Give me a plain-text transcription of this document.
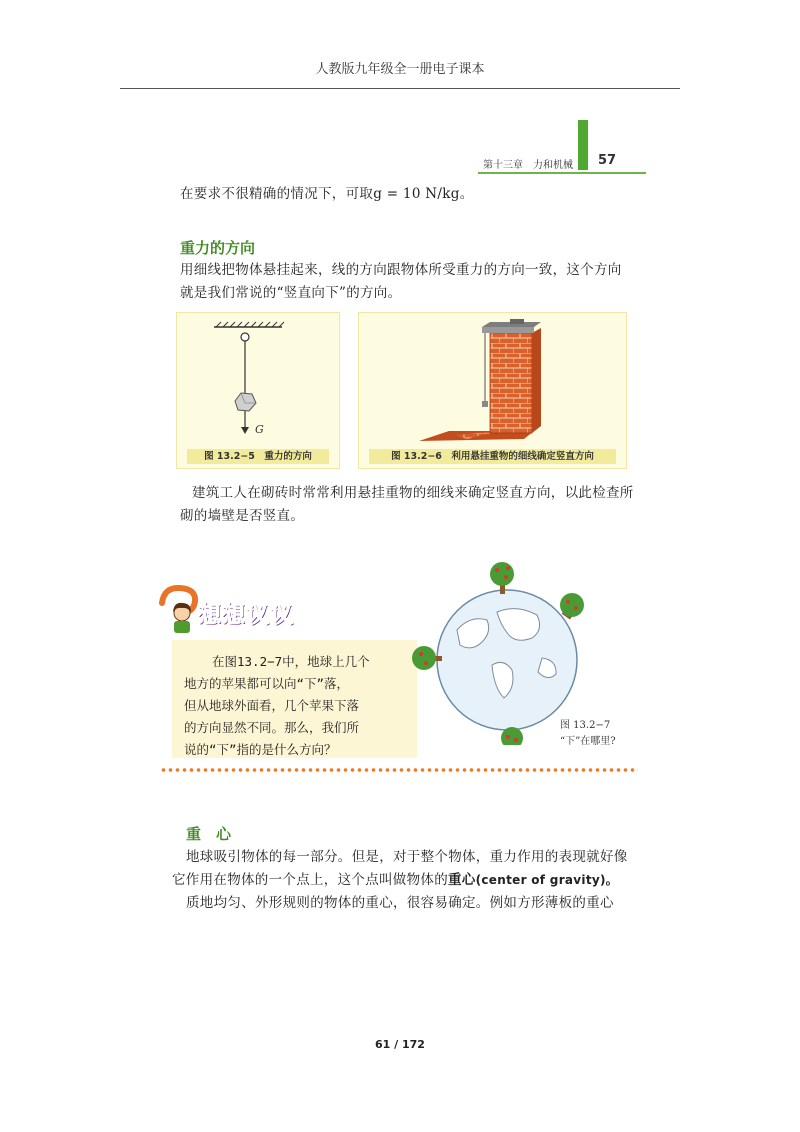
人教版九年级全一册电子课本
第十三章　力和机械 57
在要求不很精确的情况下，可取g = 10 N/kg。
重力的方向
用细线把物体悬挂起来，线的方向跟物体所受重力的方向一致，这个方向
就是我们常说的“竖直向下”的方向。
G
图 13.2−5　重力的方向	图 13.2−6　利用悬挂重物的细线确定竖直方向
建筑工人在砌砖时常常利用悬挂重物的细线来确定竖直方向，以此检查所
砌的墙壁是否竖直。
想想议议
在图13.2−7中，地球上几个
地方的苹果都可以向“下”落，
但从地球外面看，几个苹果下落
的方向显然不同。那么，我们所
说的“下”指的是什么方向？
图 13.2−7
“下”在哪里?
重　心
地球吸引物体的每一部分。但是，对于整个物体，重力作用的表现就好像
它作用在物体的一个点上，这个点叫做物体的重心(center of gravity)。
质地均匀、外形规则的物体的重心，很容易确定。例如方形薄板的重心
61 / 172
